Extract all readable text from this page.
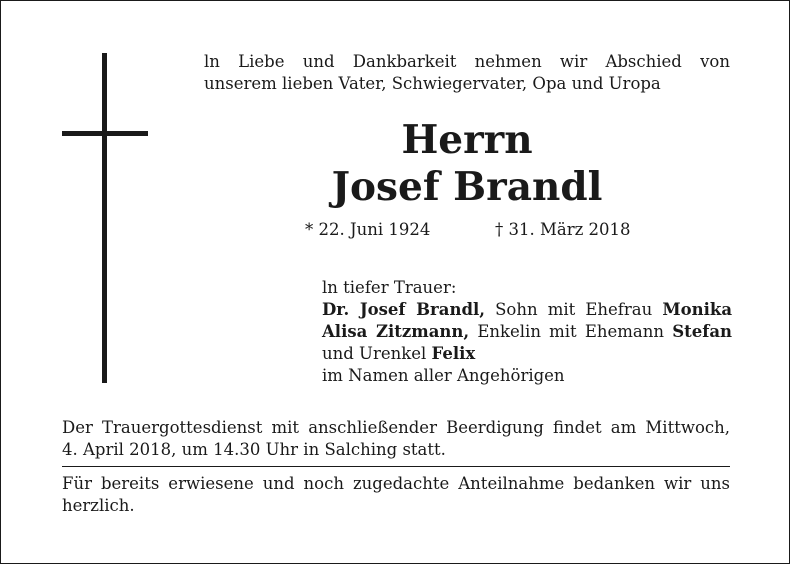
ln Liebe und Dankbarkeit nehmen wir Abschied von
unserem lieben Vater, Schwiegervater, Opa und Uropa
Herrn
Josef Brandl
* 22. Juni 1924	† 31. März 2018
ln tiefer Trauer:
Dr. Josef Brandl, Sohn mit Ehefrau Monika
Alisa Zitzmann, Enkelin mit Ehemann Stefan
und Urenkel Felix
im Namen aller Angehörigen
Der Trauergottesdienst mit anschließender Beerdigung findet am Mittwoch,
4. April 2018, um 14.30 Uhr in Salching statt.
Für bereits erwiesene und noch zugedachte Anteilnahme bedanken wir uns
herzlich.
